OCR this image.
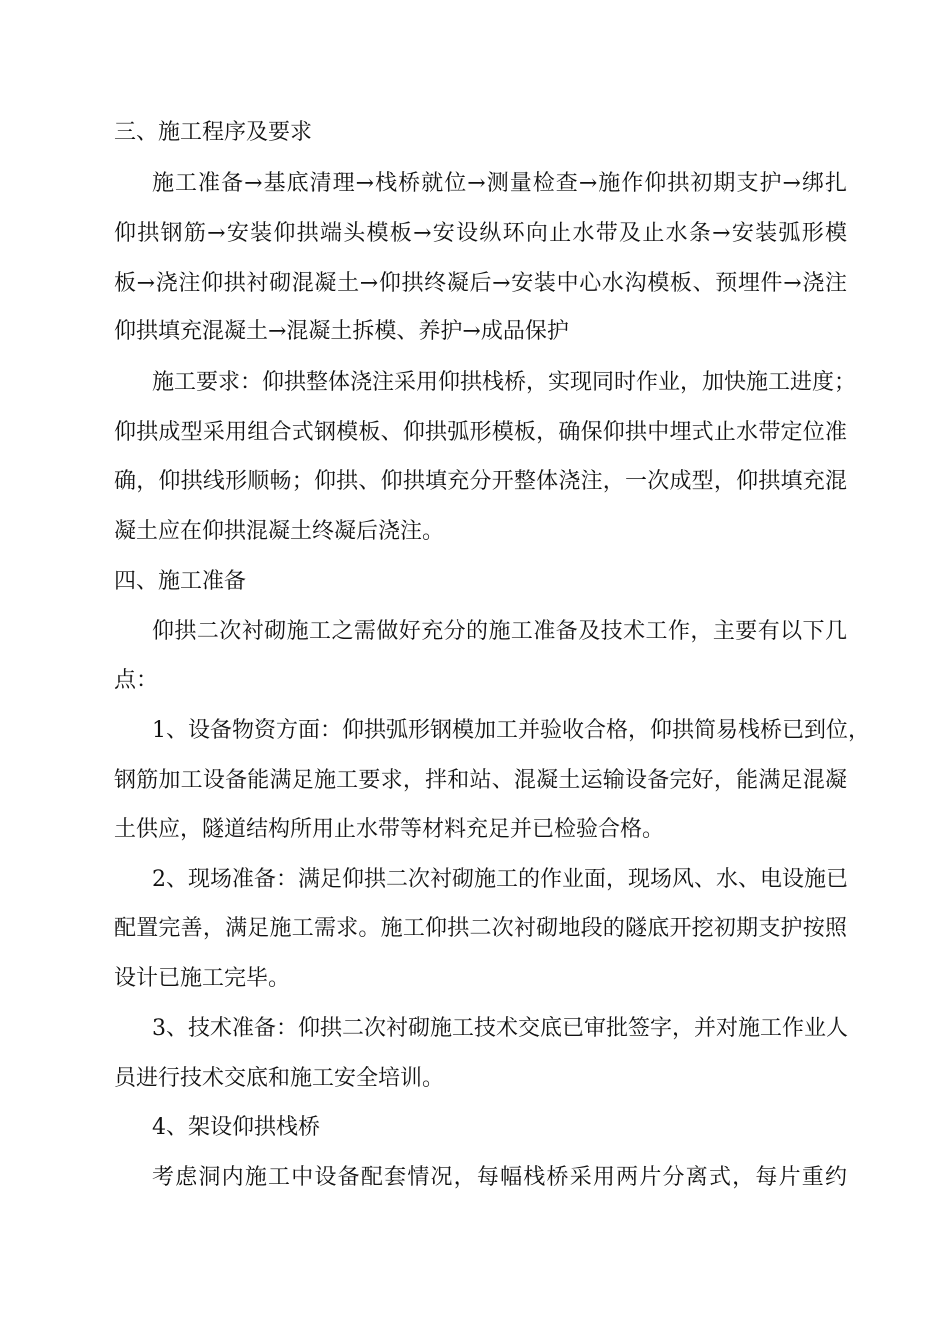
三、施工程序及要求
施工准备→基底清理→栈桥就位→测量检查→施作仰拱初期支护→绑扎
仰拱钢筋→安装仰拱端头模板→安设纵环向止水带及止水条→安装弧形模
板→浇注仰拱衬砌混凝土→仰拱终凝后→安装中心水沟模板、预埋件→浇注
仰拱填充混凝土→混凝土拆模、养护→成品保护
施工要求：仰拱整体浇注采用仰拱栈桥，实现同时作业，加快施工进度；
仰拱成型采用组合式钢模板、仰拱弧形模板，确保仰拱中埋式止水带定位准
确，仰拱线形顺畅；仰拱、仰拱填充分开整体浇注，一次成型，仰拱填充混
凝土应在仰拱混凝土终凝后浇注。
四、施工准备
仰拱二次衬砌施工之需做好充分的施工准备及技术工作，主要有以下几
点：
1、设备物资方面：仰拱弧形钢模加工并验收合格，仰拱简易栈桥已到位，
钢筋加工设备能满足施工要求，拌和站、混凝土运输设备完好，能满足混凝
土供应，隧道结构所用止水带等材料充足并已检验合格。
2、现场准备：满足仰拱二次衬砌施工的作业面，现场风、水、电设施已
配置完善，满足施工需求。施工仰拱二次衬砌地段的隧底开挖初期支护按照
设计已施工完毕。
3、技术准备：仰拱二次衬砌施工技术交底已审批签字，并对施工作业人
员进行技术交底和施工安全培训。
4、架设仰拱栈桥
考虑洞内施工中设备配套情况，每幅栈桥采用两片分离式，每片重约
